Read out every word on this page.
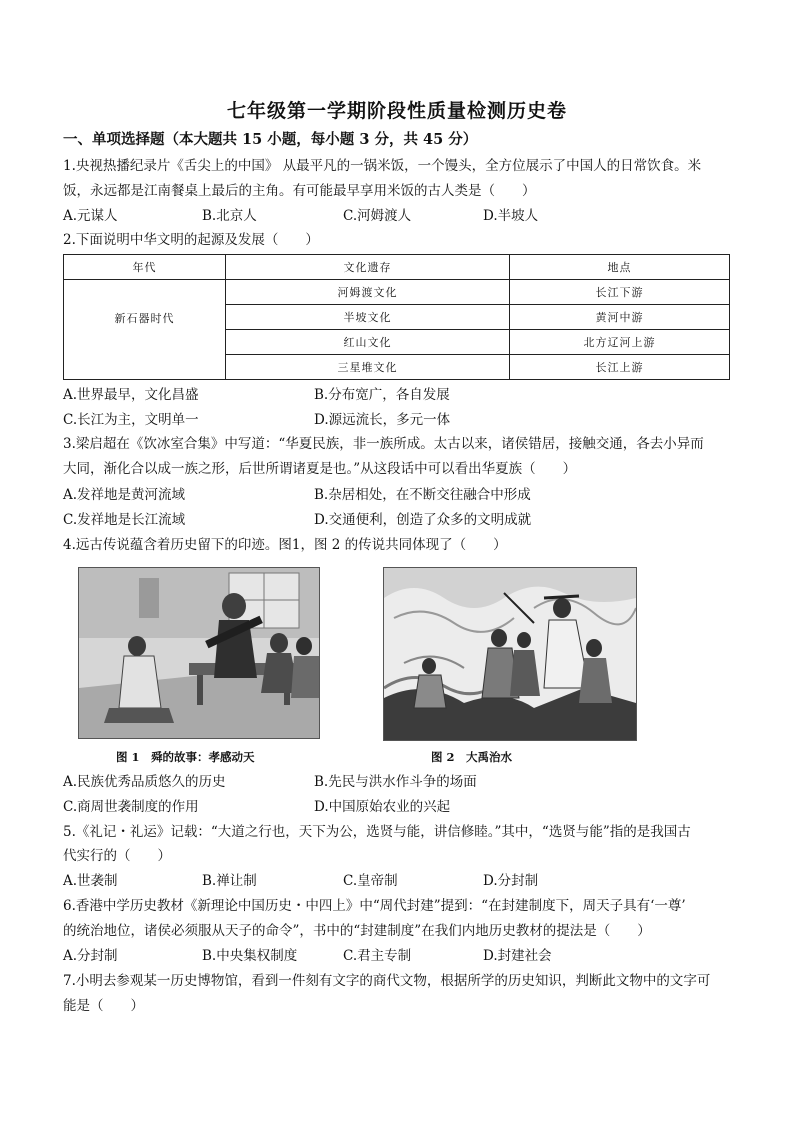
七年级第一学期阶段性质量检测历史卷
一、单项选择题（本大题共 15 小题，每小题 3 分，共 45 分）
1.央视热播纪录片《舌尖上的中国》 从最平凡的一锅米饭，一个馒头，全方位展示了中国人的日常饮食。米
饭，永远都是江南餐桌上最后的主角。有可能最早享用米饭的古人类是（　　）
A.元谋人	B.北京人	C.河姆渡人	D.半坡人
2.下面说明中华文明的起源及发展（　　）
年代	文化遗存	地点
新石器时代	河姆渡文化	长江下游
	半坡文化	黄河中游
	红山文化	北方辽河上游
	三星堆文化	长江上游
A.世界最早，文化昌盛	B.分布宽广，各自发展
C.长江为主，文明单一	D.源远流长，多元一体
3.梁启超在《饮冰室合集》中写道：“华夏民族，非一族所成。太古以来，诸侯错居，接触交通，各去小异而
大同，渐化合以成一族之形，后世所谓诸夏是也。”从这段话中可以看出华夏族（　　）
A.发祥地是黄河流域	B.杂居相处，在不断交往融合中形成
C.发祥地是长江流域	D.交通便利，创造了众多的文明成就
4.远古传说蕴含着历史留下的印迹。图1，图 2 的传说共同体现了（　　）
图 1　舜的故事：孝感动天	图 2　大禹治水
A.民族优秀品质悠久的历史	B.先民与洪水作斗争的场面
C.商周世袭制度的作用	D.中国原始农业的兴起
5.《礼记・礼运》记载：“大道之行也，天下为公，选贤与能，讲信修睦。”其中，“选贤与能”指的是我国古
代实行的（　　）
A.世袭制	B.禅让制	C.皇帝制	D.分封制
6.香港中学历史教材《新理论中国历史・中四上》中“周代封建”提到：“在封建制度下，周天子具有‘一尊’
的统治地位，诸侯必须服从天子的命令”，书中的“封建制度”在我们内地历史教材的提法是（　　）
A.分封制	B.中央集权制度	C.君主专制	D.封建社会
7.小明去参观某一历史博物馆，看到一件刻有文字的商代文物，根据所学的历史知识，判断此文物中的文字可
能是（　　）
